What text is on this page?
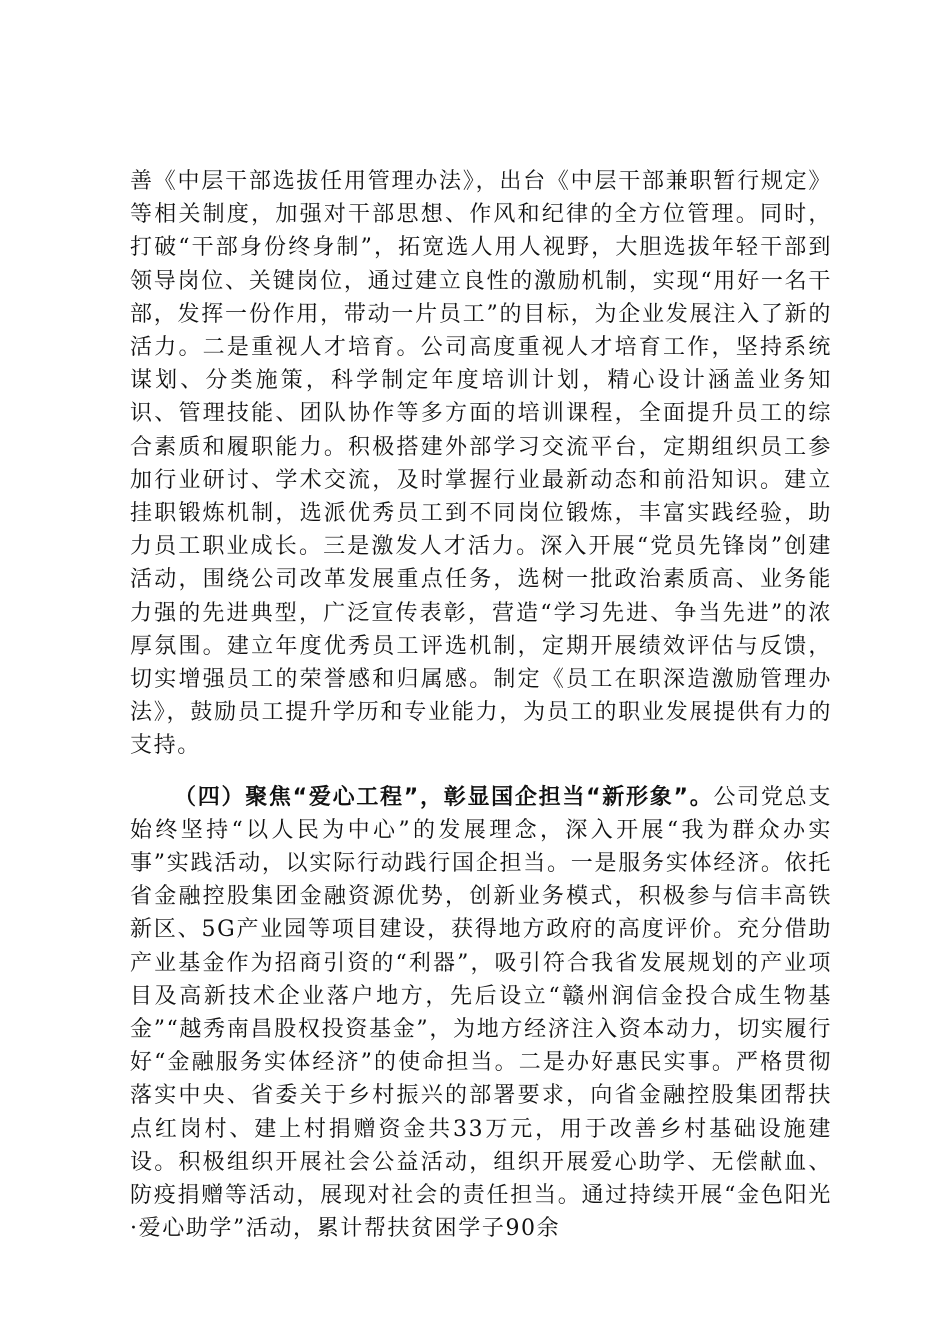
善《中层干部选拔任用管理办法》，出台《中层干部兼职暂行规定》等相关制度，加强对干部思想、作风和纪律的全方位管理。同时，打破“干部身份终身制”，拓宽选人用人视野，大胆选拔年轻干部到领导岗位、关键岗位，通过建立良性的激励机制，实现“用好一名干部，发挥一份作用，带动一片员工”的目标，为企业发展注入了新的活力。二是重视人才培育。公司高度重视人才培育工作，坚持系统谋划、分类施策，科学制定年度培训计划，精心设计涵盖业务知识、管理技能、团队协作等多方面的培训课程，全面提升员工的综合素质和履职能力。积极搭建外部学习交流平台，定期组织员工参加行业研讨、学术交流，及时掌握行业最新动态和前沿知识。建立挂职锻炼机制，选派优秀员工到不同岗位锻炼，丰富实践经验，助力员工职业成长。三是激发人才活力。深入开展“党员先锋岗”创建活动，围绕公司改革发展重点任务，选树一批政治素质高、业务能力强的先进典型，广泛宣传表彰，营造“学习先进、争当先进”的浓厚氛围。建立年度优秀员工评选机制，定期开展绩效评估与反馈，切实增强员工的荣誉感和归属感。制定《员工在职深造激励管理办法》，鼓励员工提升学历和专业能力，为员工的职业发展提供有力的支持。

（四）聚焦“爱心工程”，彰显国企担当“新形象”。公司党总支始终坚持“以人民为中心”的发展理念，深入开展“我为群众办实事”实践活动，以实际行动践行国企担当。一是服务实体经济。依托省金融控股集团金融资源优势，创新业务模式，积极参与信丰高铁新区、5G产业园等项目建设，获得地方政府的高度评价。充分借助产业基金作为招商引资的“利器”，吸引符合我省发展规划的产业项目及高新技术企业落户地方，先后设立“赣州润信金投合成生物基金”“越秀南昌股权投资基金”，为地方经济注入资本动力，切实履行好“金融服务实体经济”的使命担当。二是办好惠民实事。严格贯彻落实中央、省委关于乡村振兴的部署要求，向省金融控股集团帮扶点红岗村、建上村捐赠资金共33万元，用于改善乡村基础设施建设。积极组织开展社会公益活动，组织开展爱心助学、无偿献血、防疫捐赠等活动，展现对社会的责任担当。通过持续开展“金色阳光·爱心助学”活动，累计帮扶贫困学子90余
